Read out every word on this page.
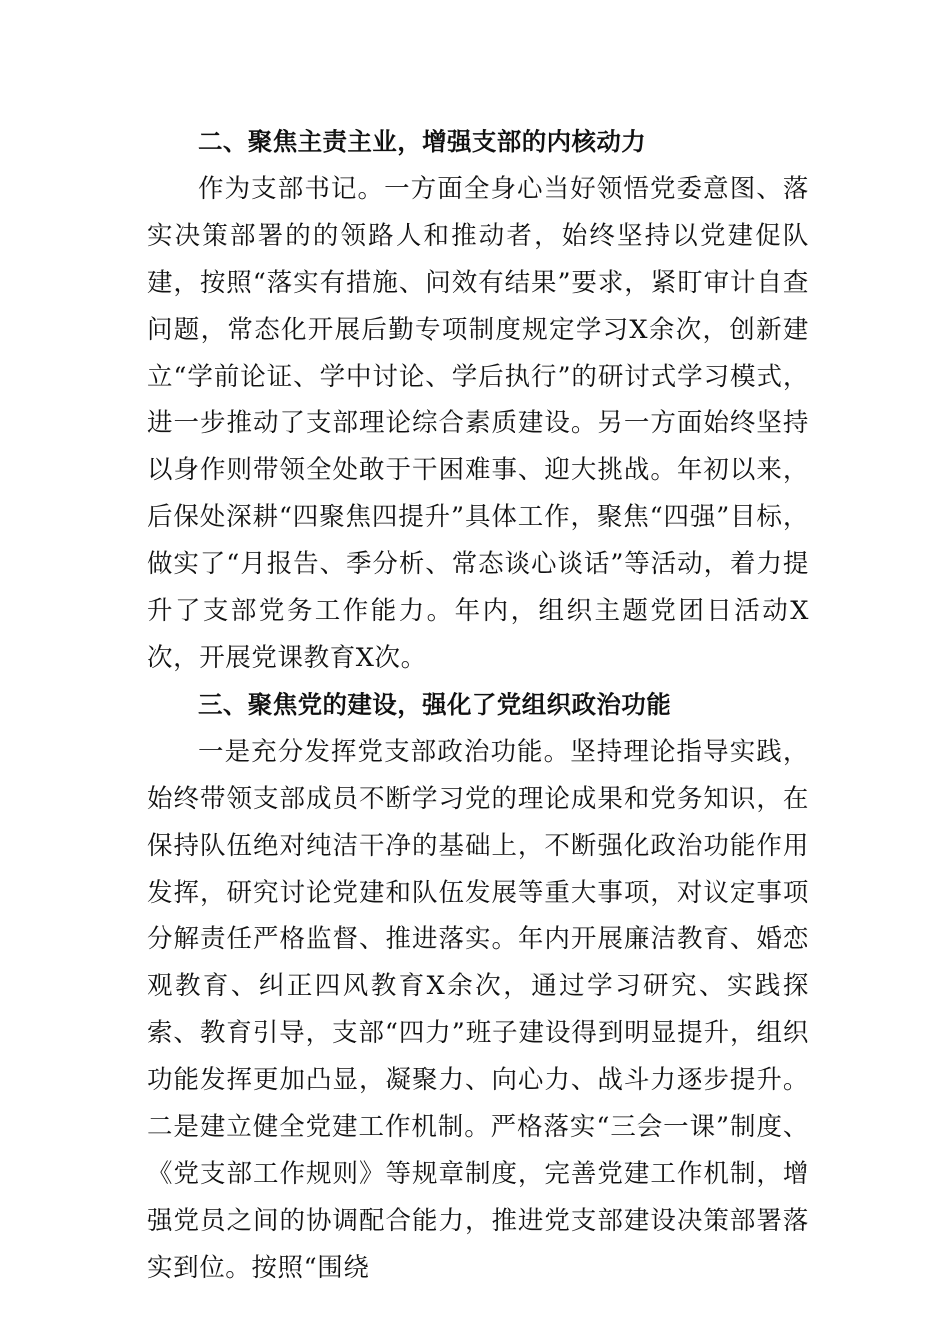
二、聚焦主责主业，增强支部的内核动力

作为支部书记。一方面全身心当好领悟党委意图、落实决策部署的的领路人和推动者，始终坚持以党建促队建，按照“落实有措施、问效有结果”要求，紧盯审计自查问题，常态化开展后勤专项制度规定学习X余次，创新建立“学前论证、学中讨论、学后执行”的研讨式学习模式，进一步推动了支部理论综合素质建设。另一方面始终坚持以身作则带领全处敢于干困难事、迎大挑战。年初以来，后保处深耕“四聚焦四提升”具体工作，聚焦“四强”目标，做实了“月报告、季分析、常态谈心谈话”等活动，着力提升了支部党务工作能力。年内，组织主题党团日活动X次，开展党课教育X次。

三、聚焦党的建设，强化了党组织政治功能

一是充分发挥党支部政治功能。坚持理论指导实践，始终带领支部成员不断学习党的理论成果和党务知识，在保持队伍绝对纯洁干净的基础上，不断强化政治功能作用发挥，研究讨论党建和队伍发展等重大事项，对议定事项分解责任严格监督、推进落实。年内开展廉洁教育、婚恋观教育、纠正四风教育X余次，通过学习研究、实践探索、教育引导，支部“四力”班子建设得到明显提升，组织功能发挥更加凸显，凝聚力、向心力、战斗力逐步提升。二是建立健全党建工作机制。严格落实“三会一课”制度、《党支部工作规则》等规章制度，完善党建工作机制，增强党员之间的协调配合能力，推进党支部建设决策部署落实到位。按照“围绕
